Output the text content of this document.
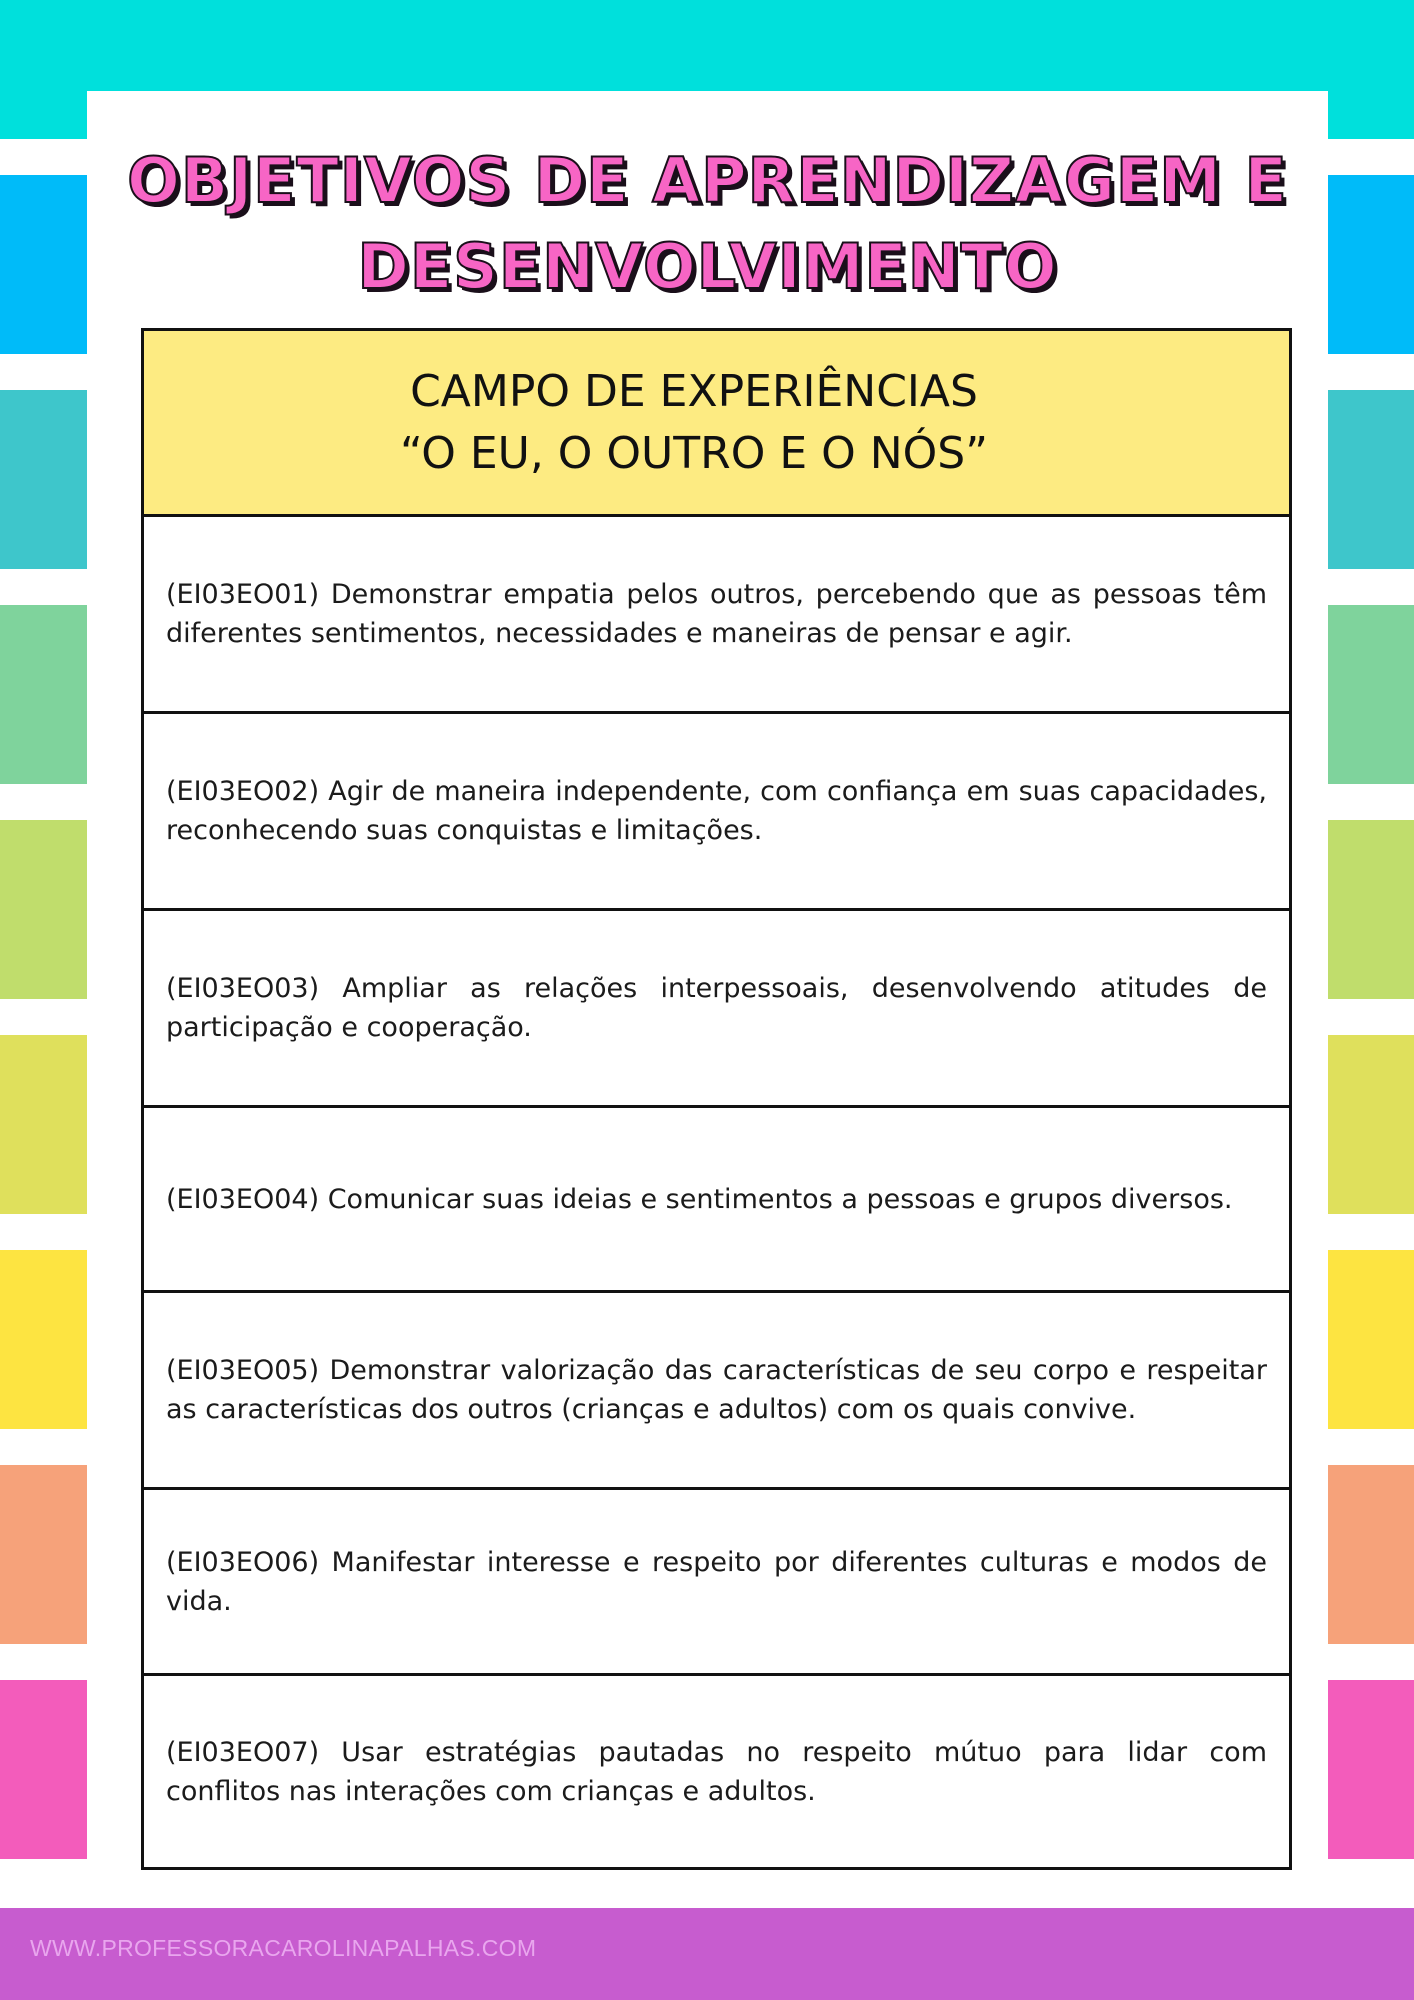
OBJETIVOS DE APRENDIZAGEM E
DESENVOLVIMENTO
CAMPO DE EXPERIÊNCIAS
“O EU, O OUTRO E O NÓS”

(EI03EO01) Demonstrar empatia pelos outros, percebendo que as pessoas têm diferentes sentimentos, necessidades e maneiras de pensar e agir.

(EI03EO02) Agir de maneira independente, com confiança em suas capacidades, reconhecendo suas conquistas e limitações.

(EI03EO03) Ampliar as relações interpessoais, desenvolvendo atitudes de participação e cooperação.

(EI03EO04) Comunicar suas ideias e sentimentos a pessoas e grupos diversos.

(EI03EO05) Demonstrar valorização das características de seu corpo e respeitar as características dos outros (crianças e adultos) com os quais convive.

(EI03EO06) Manifestar interesse e respeito por diferentes culturas e modos de vida.

(EI03EO07) Usar estratégias pautadas no respeito mútuo para lidar com conflitos nas interações com crianças e adultos.

WWW.PROFESSORACAROLINAPALHAS.COM
